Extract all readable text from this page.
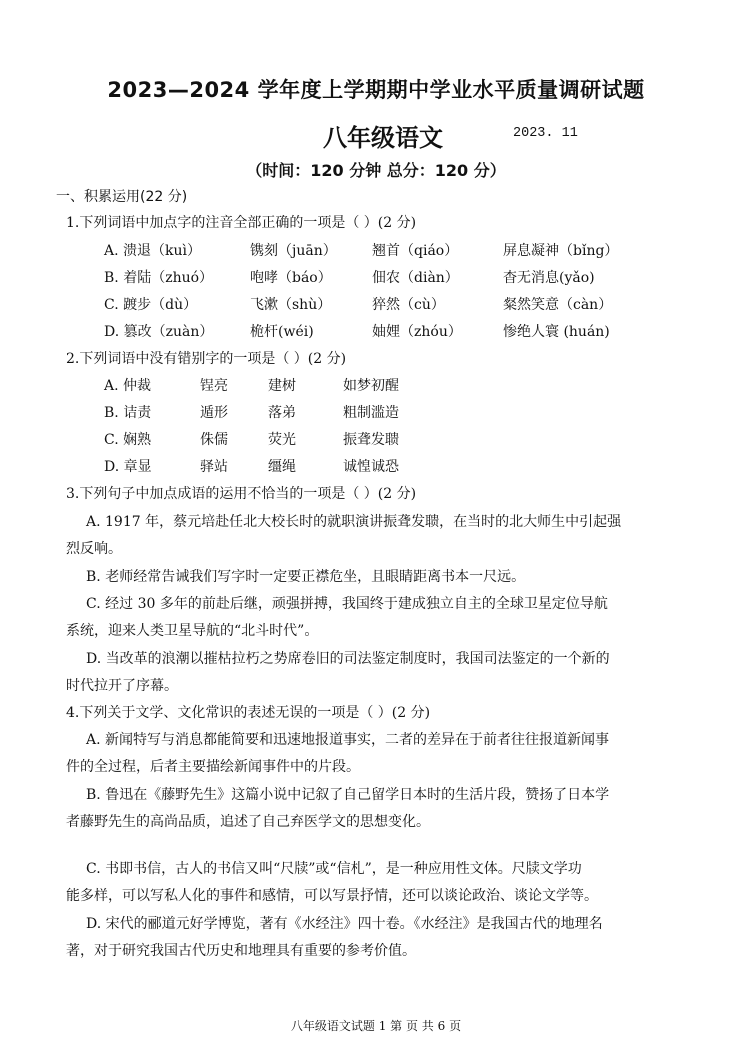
2023—2024 学年度上学期期中学业水平质量调研试题
八年级语文	2023. 11
（时间：120 分钟 总分：120 分）
一、积累运用(22 分)
1.下列词语中加点字的注音全部正确的一项是（ ）(2 分)
A. 溃退（kuì）	镌刻（juān）	翘首（qiáo）	屏息凝神（bǐng）
B. 着陆（zhuó）	咆哮（báo）	佃农（diàn）	杳无消息(yǎo)
C. 踱步（dù）	飞漱（shù）	猝然（cù）	粲然笑意（càn）
D. 篡改（zuàn）	桅杆(wéi)	妯娌（zhóu）	惨绝人寰 (huán)
2.下列词语中没有错别字的一项是（ ）(2 分)
A. 仲裁	锃亮	建树	如梦初醒
B. 诘责	遁形	落弟	粗制滥造
C. 娴熟	侏儒	荧光	振聋发聩
D. 章显	驿站	缰绳	诚惶诚恐
3.下列句子中加点成语的运用不恰当的一项是（ ）(2 分)
A. 1917 年，蔡元培赴任北大校长时的就职演讲振聋发聩，在当时的北大师生中引起强
烈反响。
B. 老师经常告诫我们写字时一定要正襟危坐，且眼睛距离书本一尺远。
C. 经过 30 多年的前赴后继，顽强拼搏，我国终于建成独立自主的全球卫星定位导航
系统，迎来人类卫星导航的“北斗时代”。
D. 当改革的浪潮以摧枯拉朽之势席卷旧的司法鉴定制度时，我国司法鉴定的一个新的
时代拉开了序幕。
4.下列关于文学、文化常识的表述无误的一项是（ ）(2 分)
A. 新闻特写与消息都能简要和迅速地报道事实，二者的差异在于前者往往报道新闻事
件的全过程，后者主要描绘新闻事件中的片段。
B. 鲁迅在《藤野先生》这篇小说中记叙了自己留学日本时的生活片段，赞扬了日本学
者藤野先生的高尚品质，追述了自己弃医学文的思想变化。
C. 书即书信，古人的书信又叫“尺牍”或“信札”，是一种应用性文体。尺牍文学功
能多样，可以写私人化的事件和感情，可以写景抒情，还可以谈论政治、谈论文学等。
D. 宋代的郦道元好学博览，著有《水经注》四十卷。《水经注》是我国古代的地理名
著，对于研究我国古代历史和地理具有重要的参考价值。
八年级语文试题 1 第 页 共 6 页
